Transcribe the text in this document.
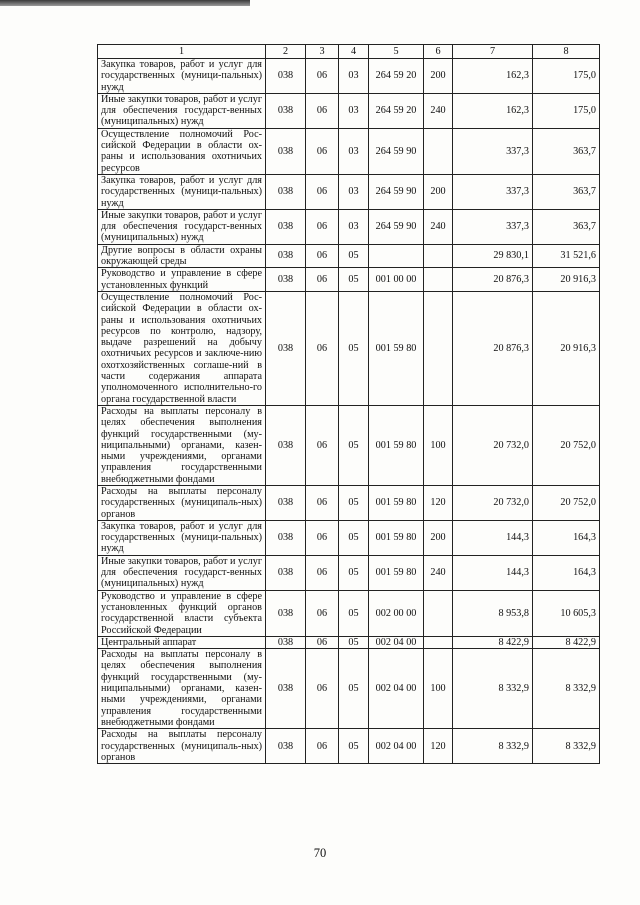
1	2	3	4	5	6	7	8
Закупка товаров, работ и услуг для государственных (муници-пальных) нужд	038	06	03	264 59 20	200	162,3	175,0
Иные закупки товаров, работ и услуг для обеспечения государст-венных (муниципальных) нужд	038	06	03	264 59 20	240	162,3	175,0
Осуществление полномочий Рос-сийской Федерации в области ох-раны и использования охотничьих ресурсов	038	06	03	264 59 90		337,3	363,7
Закупка товаров, работ и услуг для государственных (муници-пальных) нужд	038	06	03	264 59 90	200	337,3	363,7
Иные закупки товаров, работ и услуг для обеспечения государст-венных (муниципальных) нужд	038	06	03	264 59 90	240	337,3	363,7
Другие вопросы в области охраны окружающей среды	038	06	05			29 830,1	31 521,6
Руководство и управление в сфере установленных функций	038	06	05	001 00 00		20 876,3	20 916,3
Осуществление полномочий Рос-сийской Федерации в области ох-раны и использования охотничьих ресурсов по контролю, надзору, выдаче разрешений на добычу охотничьих ресурсов и заключе-нию охотхозяйственных соглаше-ний в части содержания аппарата уполномоченного исполнительно-го органа государственной власти	038	06	05	001 59 80		20 876,3	20 916,3
Расходы на выплаты персоналу в целях обеспечения выполнения функций государственными (му-ниципальными) органами, казен-ными учреждениями, органами управления государственными внебюджетными фондами	038	06	05	001 59 80	100	20 732,0	20 752,0
Расходы на выплаты персоналу государственных (муниципаль-ных) органов	038	06	05	001 59 80	120	20 732,0	20 752,0
Закупка товаров, работ и услуг для государственных (муници-пальных) нужд	038	06	05	001 59 80	200	144,3	164,3
Иные закупки товаров, работ и услуг для обеспечения государст-венных (муниципальных) нужд	038	06	05	001 59 80	240	144,3	164,3
Руководство и управление в сфере установленных функций органов государственной власти субъекта Российской Федерации	038	06	05	002 00 00		8 953,8	10 605,3
Центральный аппарат	038	06	05	002 04 00		8 422,9	8 422,9
Расходы на выплаты персоналу в целях обеспечения выполнения функций государственными (му-ниципальными) органами, казен-ными учреждениями, органами управления государственными внебюджетными фондами	038	06	05	002 04 00	100	8 332,9	8 332,9
Расходы на выплаты персоналу государственных (муниципаль-ных) органов	038	06	05	002 04 00	120	8 332,9	8 332,9
70
